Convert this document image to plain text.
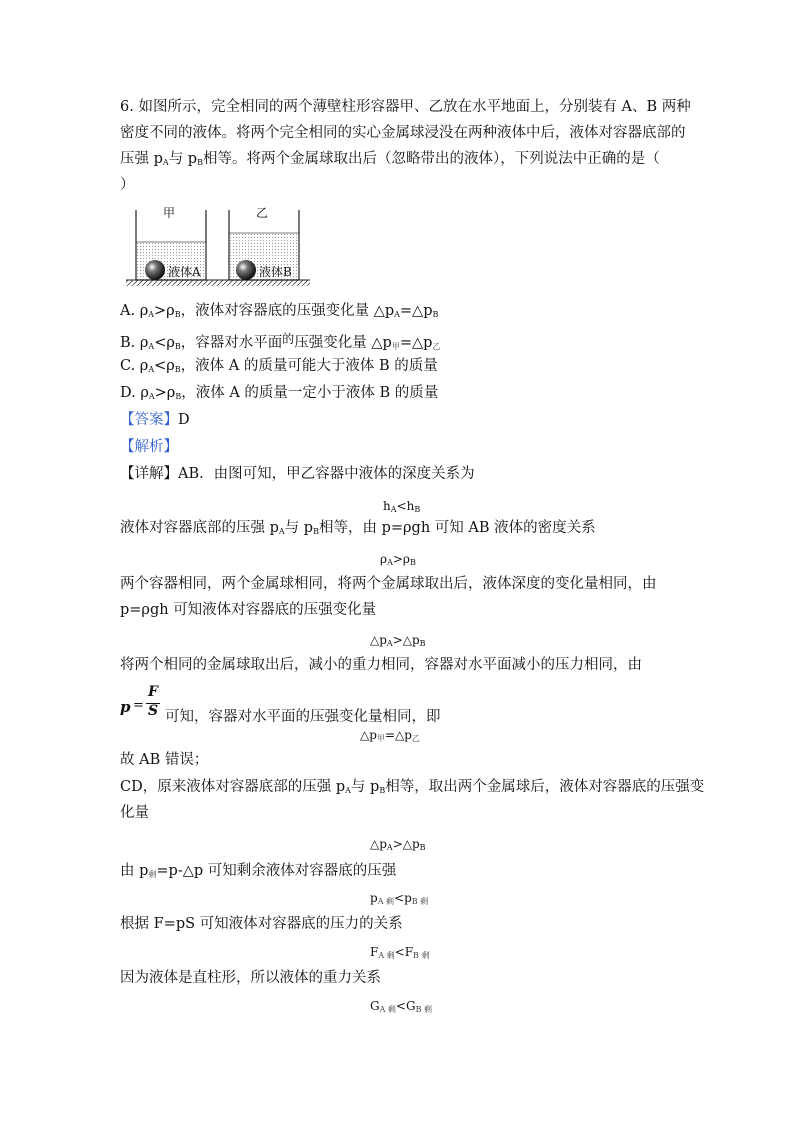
6. 如图所示，完全相同的两个薄壁柱形容器甲、乙放在水平地面上，分别装有 A、B 两种
密度不同的液体。将两个完全相同的实心金属球浸没在两种液体中后，液体对容器底部的
压强 $p_A$与 $p_B$相等。将两个金属球取出后（忽略带出的液体），下列说法中正确的是（
）
甲	乙
液体A	液体B
A. $\rho_A>\rho_B$，液体对容器底的压强变化量 $\triangle p_A=\triangle p_B$
B. $\rho_A<\rho_B$，容器对水平面$^的$压强变化量 $\triangle p_甲=\triangle p_乙$
C. $\rho_A<\rho_B$，液体 A 的质量可能大于液体 B 的质量
D. $\rho_A>\rho_B$，液体 A 的质量一定小于液体 B 的质量
【答案】D
【解析】
【详解】AB．由图可知，甲乙容器中液体的深度关系为
$h_A<h_B$
液体对容器底部的压强 $p_A$与 $p_B$相等，由 p=ρgh 可知 AB 液体的密度关系
$\rho_A>\rho_B$
两个容器相同，两个金属球相同，将两个金属球取出后，液体深度的变化量相同，由
p=ρgh 可知液体对容器底的压强变化量
$\triangle p_A>\triangle p_B$
将两个相同的金属球取出后，减小的重力相同，容器对水平面减小的压力相同，由
p =
F
S 可知，容器对水平面的压强变化量相同，即
$\triangle p_甲=\triangle p_乙$
故 AB 错误；
CD，原来液体对容器底部的压强 $p_A$与 $p_B$相等，取出两个金属球后，液体对容器底的压强变
化量
$\triangle p_A>\triangle p_B$
由 $p_剩=p-\triangle p$ 可知剩余液体对容器底的压强
$p_{A 剩}<p_{B 剩}$
根据 F=pS 可知液体对容器底的压力的关系
$F_{A 剩}<F_{B 剩}$
因为液体是直柱形，所以液体的重力关系
$G_{A 剩}<G_{B 剩}$
